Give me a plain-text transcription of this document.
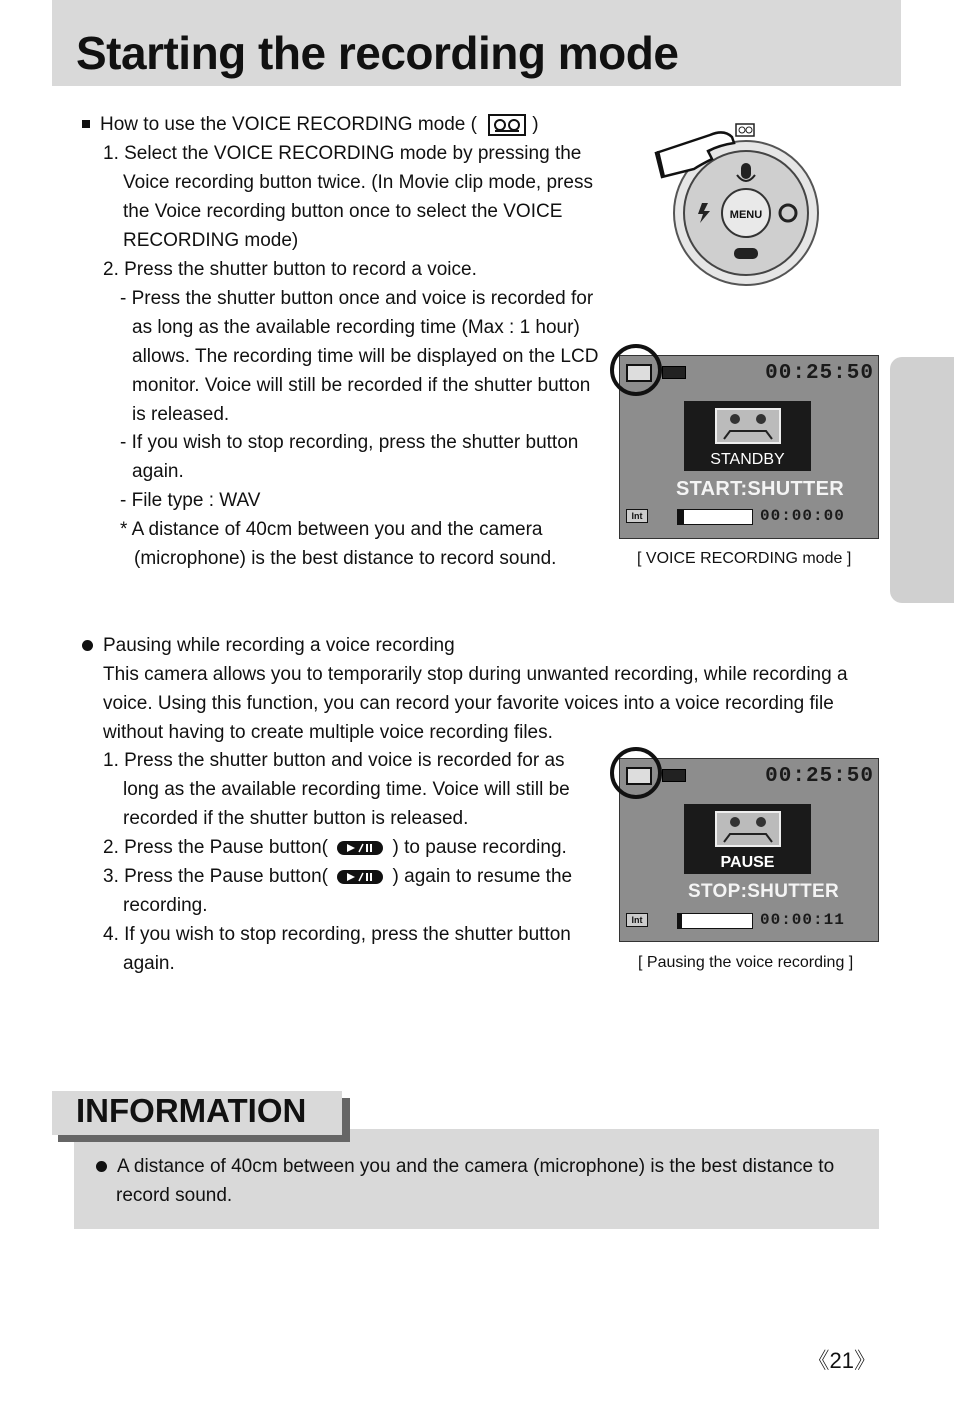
Starting the recording mode
How to use the VOICE RECORDING mode (	)
1. Select the VOICE RECORDING mode by pressing the
Voice recording button twice. (In Movie clip mode, press
the Voice recording button once to select the VOICE
RECORDING mode)
2. Press the shutter button to record a voice.
- Press the shutter button once and voice is recorded for
as long as the available recording time (Max : 1 hour)
allows. The recording time will be displayed on the LCD
monitor. Voice will still be recorded if the shutter button
is released.
- If you wish to stop recording, press the shutter button
again.
- File type : WAV
* A distance of 40cm between you and the camera
(microphone) is the best distance to record sound.
MENU
00:25:50
STANDBY
START:SHUTTER
Int	00:00:00
[ VOICE RECORDING mode ]
Pausing while recording a voice recording
This camera allows you to temporarily stop during unwanted recording, while recording a
voice. Using this function, you can record your favorite voices into a voice recording file
without having to create multiple voice recording files.
1. Press the shutter button and voice is recorded for as
long as the available recording time. Voice will still be
recorded if the shutter button is released.
2. Press the Pause button(	) to pause recording.
3. Press the Pause button(	) again to resume the
recording.
4. If you wish to stop recording, press the shutter button
again.
00:25:50
PAUSE
STOP:SHUTTER
Int	00:00:11
[ Pausing the voice recording ]
INFORMATION
A distance of 40cm between you and the camera (microphone) is the best distance to
record sound.
《21》
